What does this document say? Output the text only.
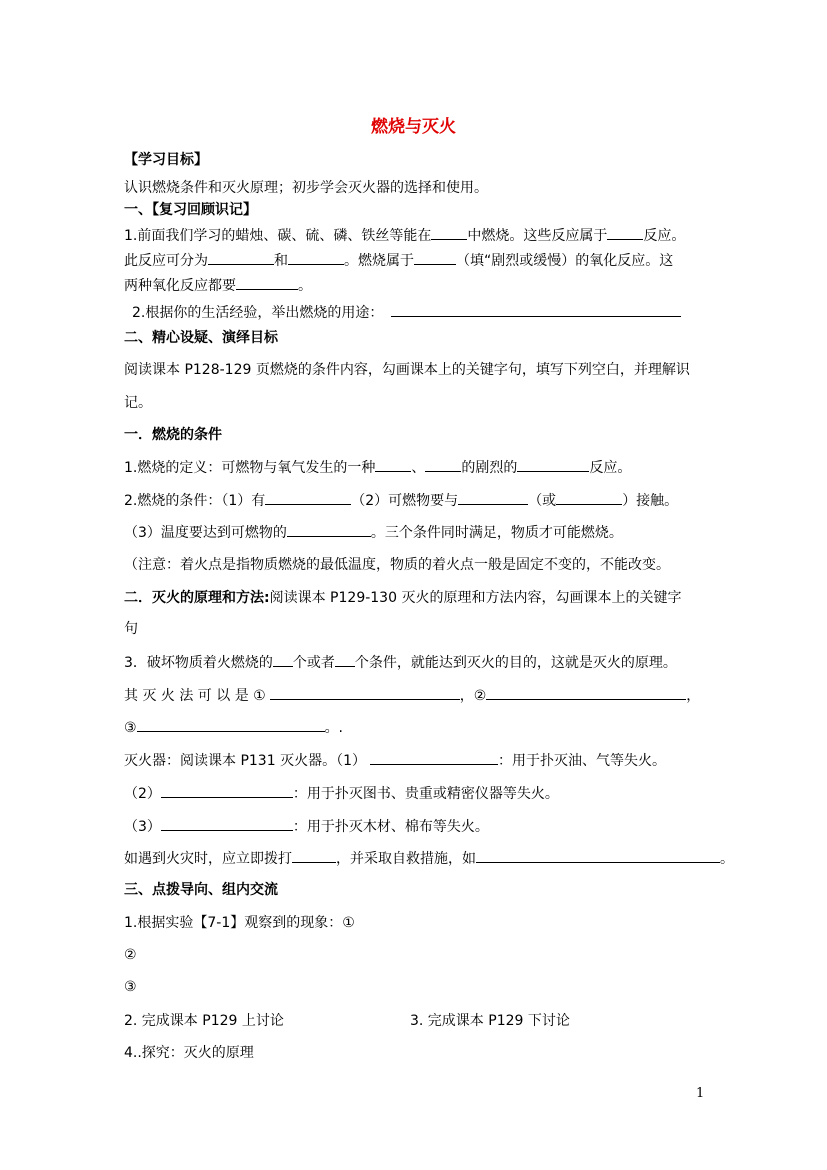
燃烧与灭火
【学习目标】
认识燃烧条件和灭火原理；初步学会灭火器的选择和使用。
一、【复习回顾识记】
1.前面我们学习的蜡烛、碳、硫、磷、铁丝等能在	中燃烧。这些反应属于	反应。
此反应可分为	和	。燃烧属于	（填“剧烈或缓慢）的氧化反应。这
两种氧化反应都要	。
2.根据你的生活经验，举出燃烧的用途：
二、精心设疑、演绎目标
阅读课本 P128-129 页燃烧的条件内容，勾画课本上的关键字句，填写下列空白，并理解识
记。
一．燃烧的条件
1.燃烧的定义：可燃物与氧气发生的一种	、	的剧烈的	反应。
2.燃烧的条件：（1）有	（2）可燃物要与	（或	）接触。
（3）温度要达到可燃物的	。三个条件同时满足，物质才可能燃烧。
（注意：着火点是指物质燃烧的最低温度，物质的着火点一般是固定不变的，不能改变。
二．灭火的原理和方法:阅读课本 P129-130 灭火的原理和方法内容，勾画课本上的关键字
句
3．破坏物质着火燃烧的 个或者 个条件，就能达到灭火的目的，这就是灭火的原理。
其 灭 火 法 可 以 是 ①	，②	，
③	。.
灭火器：阅读课本 P131 灭火器。（1）	：用于扑灭油、气等失火。
（2）	：用于扑灭图书、贵重或精密仪器等失火。
（3）	：用于扑灭木材、棉布等失火。
如遇到火灾时，应立即拨打	，并采取自救措施，如	。
三、点拨导向、组内交流
1.根据实验【7-1】观察到的现象：①
②
③
2. 完成课本 P129 上讨论	3. 完成课本 P129 下讨论
4..探究：灭火的原理
1
